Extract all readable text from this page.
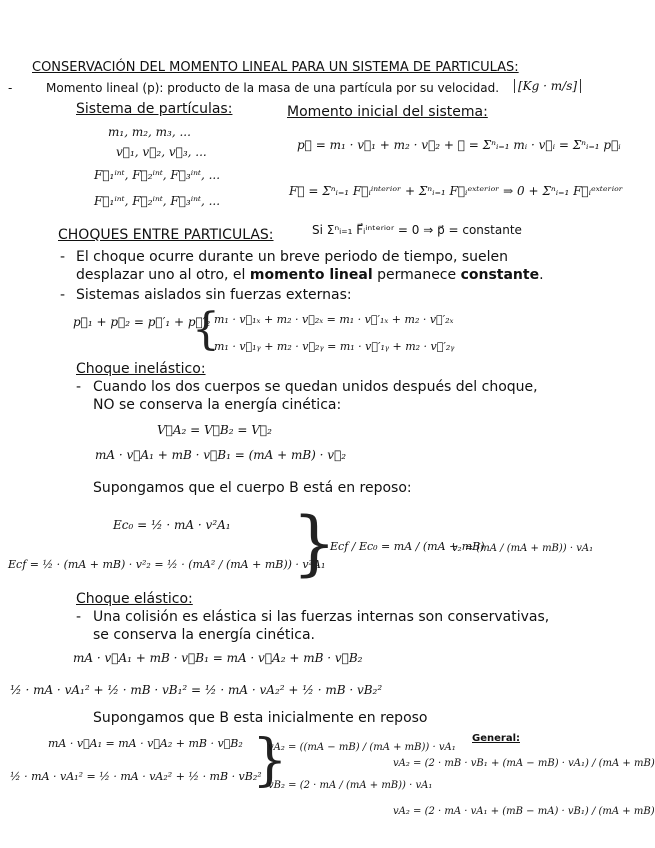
CONSERVACIÓN DEL MOMENTO LINEAL PARA UN SISTEMA DE PARTICULAS:
-	Momento lineal (p): producto de la masa de una partícula por su velocidad.	[Kg · m/s]
Sistema de partículas:
m₁, m₂, m₃, ...
v⃗₁, v⃗₂, v⃗₃, ...
F⃗₁ⁱⁿᵗ, F⃗₂ⁱⁿᵗ, F⃗₃ⁱⁿᵗ, ...
F⃗₁ⁱⁿᵗ, F⃗₂ⁱⁿᵗ, F⃗₃ⁱⁿᵗ, ...
Momento inicial del sistema:
p⃗ = m₁ · v⃗₁ + m₂ · v⃗₂ + ⋯ = Σⁿᵢ₌₁ mᵢ · v⃗ᵢ = Σⁿᵢ₌₁ p⃗ᵢ
F⃗ = Σⁿᵢ₌₁ F⃗ᵢⁱⁿᵗᵉʳⁱᵒʳ + Σⁿᵢ₌₁ F⃗ᵢᵉˣᵗᵉʳⁱᵒʳ ⇒ 0 + Σⁿᵢ₌₁ F⃗ᵢᵉˣᵗᵉʳⁱᵒʳ
Si Σⁿᵢ₌₁ F⃗ᵢⁱⁿᵗᵉʳⁱᵒʳ = 0 ⇒ p⃗ = constante
CHOQUES ENTRE PARTICULAS:
- El choque ocurre durante un breve periodo de tiempo, suelen
desplazar uno al otro, el momento lineal permanece constante.
- Sistemas aislados sin fuerzas externas:
p⃗₁ + p⃗₂ = p⃗′₁ + p⃗′₂
{
m₁ · v⃗₁ₓ + m₂ · v⃗₂ₓ = m₁ · v⃗′₁ₓ + m₂ · v⃗′₂ₓ
m₁ · v⃗₁ᵧ + m₂ · v⃗₂ᵧ = m₁ · v⃗′₁ᵧ + m₂ · v⃗′₂ᵧ
Choque inelástico:
- Cuando los dos cuerpos se quedan unidos después del choque,
NO se conserva la energía cinética:
V⃗A₂ = V⃗B₂ = V⃗₂
mA · v⃗A₁ + mB · v⃗B₁ = (mA + mB) · v⃗₂
Supongamos que el cuerpo B está en reposo:
Ec₀ = ½ · mA · v²A₁
Ecf = ½ · (mA + mB) · v²₂ = ½ · (mA² / (mA + mB)) · v²A₁
}
Ecf / Ec₀ = mA / (mA + mB)
v₂ = (mA / (mA + mB)) · vA₁
Choque elástico:
- Una colisión es elástica si las fuerzas internas son conservativas,
se conserva la energía cinética.
mA · v⃗A₁ + mB · v⃗B₁ = mA · v⃗A₂ + mB · v⃗B₂
½ · mA · vA₁² + ½ · mB · vB₁² = ½ · mA · vA₂² + ½ · mB · vB₂²
Supongamos que B esta inicialmente en reposo
mA · v⃗A₁ = mA · v⃗A₂ + mB · v⃗B₂
½ · mA · vA₁² = ½ · mA · vA₂² + ½ · mB · vB₂²
}
vA₂ = ((mA − mB) / (mA + mB)) · vA₁
vB₂ = (2 · mA / (mA + mB)) · vA₁
General:
vA₂ = (2 · mB · vB₁ + (mA − mB) · vA₁) / (mA + mB)
vA₂ = (2 · mA · vA₁ + (mB − mA) · vB₁) / (mA + mB)
